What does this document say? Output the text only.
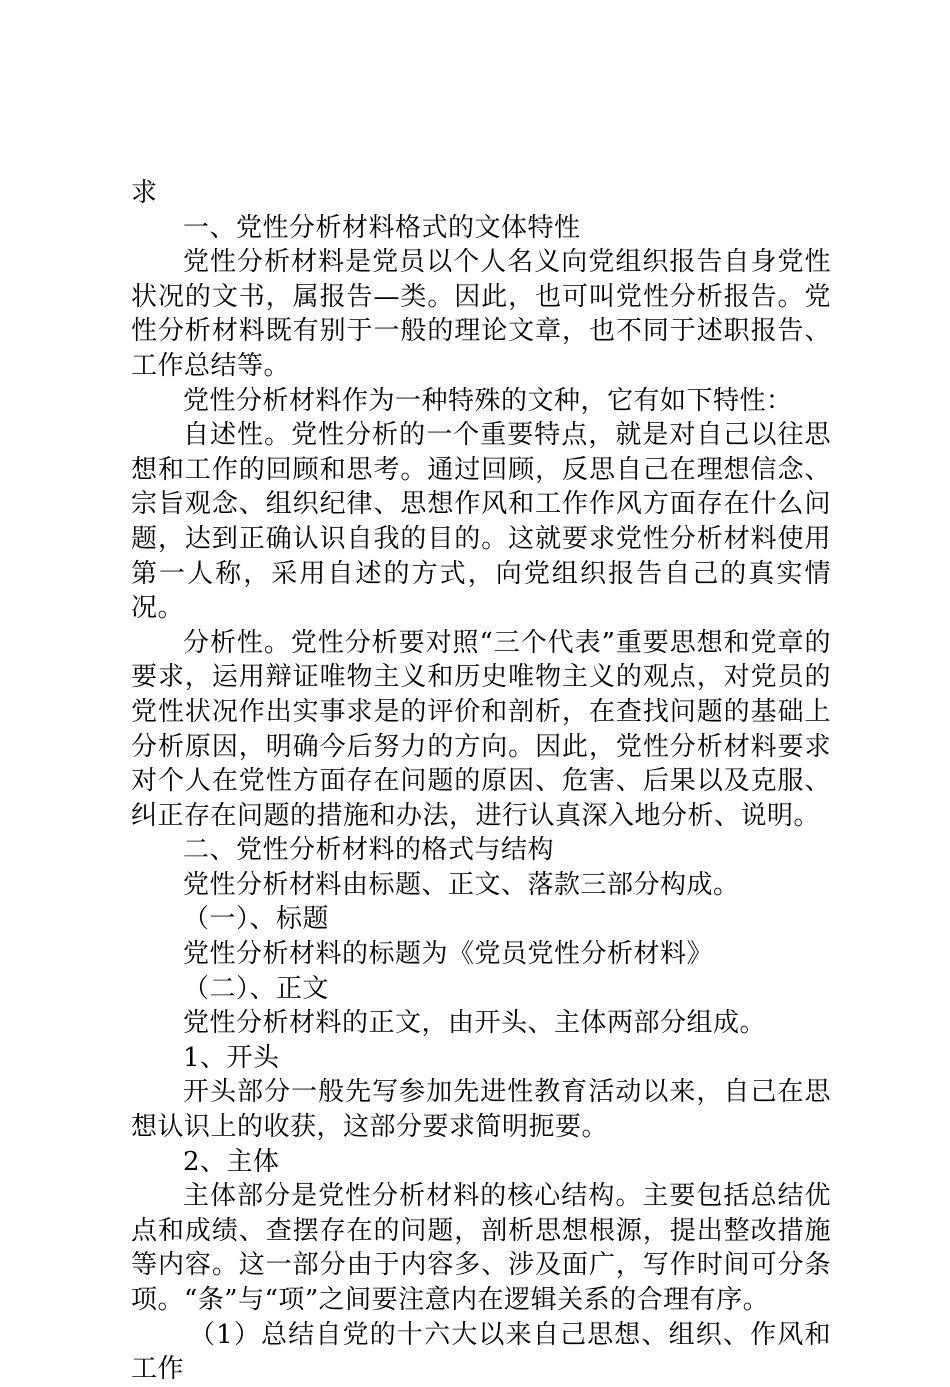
求

一、党性分析材料格式的文体特性

党性分析材料是党员以个人名义向党组织报告自身党性状况的文书，属报告—类。因此，也可叫党性分析报告。党性分析材料既有别于一般的理论文章，也不同于述职报告、工作总结等。

党性分析材料作为一种特殊的文种，它有如下特性：

自述性。党性分析的一个重要特点，就是对自己以往思想和工作的回顾和思考。通过回顾，反思自己在理想信念、宗旨观念、组织纪律、思想作风和工作作风方面存在什么问题，达到正确认识自我的目的。这就要求党性分析材料使用第一人称，采用自述的方式，向党组织报告自己的真实情况。

分析性。党性分析要对照“三个代表”重要思想和党章的要求，运用辩证唯物主义和历史唯物主义的观点，对党员的党性状况作出实事求是的评价和剖析，在查找问题的基础上分析原因，明确今后努力的方向。因此，党性分析材料要求对个人在党性方面存在问题的原因、危害、后果以及克服、纠正存在问题的措施和办法，进行认真深入地分析、说明。

二、党性分析材料的格式与结构

党性分析材料由标题、正文、落款三部分构成。

（一）、标题

党性分析材料的标题为《党员党性分析材料》

（二）、正文

党性分析材料的正文，由开头、主体两部分组成。

1、开头

开头部分一般先写参加先进性教育活动以来，自己在思想认识上的收获，这部分要求简明扼要。

2、主体

主体部分是党性分析材料的核心结构。主要包括总结优点和成绩、查摆存在的问题，剖析思想根源，提出整改措施等内容。这一部分由于内容多、涉及面广，写作时间可分条项。“条”与“项”之间要注意内在逻辑关系的合理有序。

（1）总结自党的十六大以来自己思想、组织、作风和工作
